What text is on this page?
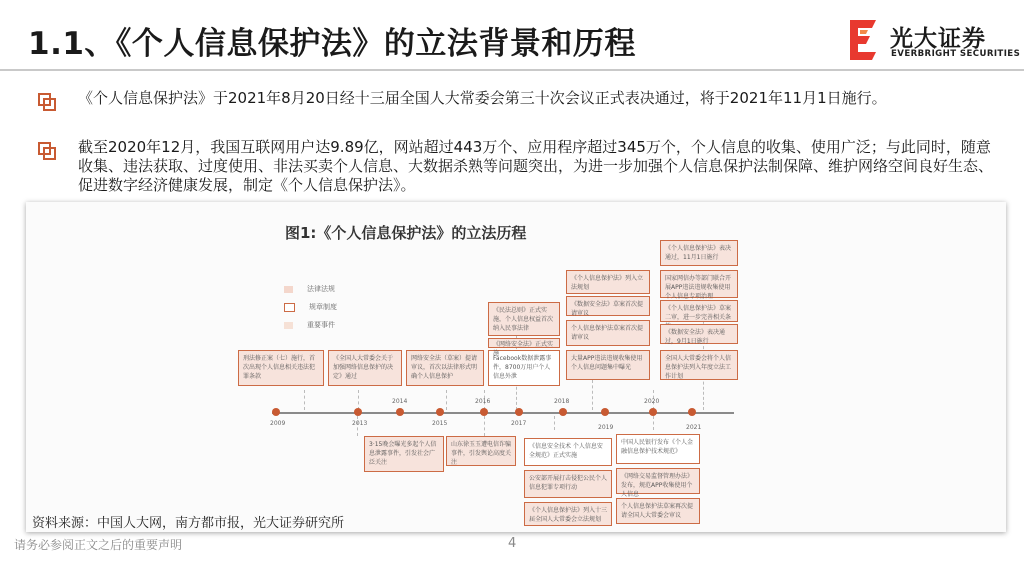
1.1、《个人信息保护法》的立法背景和历程	光大证券
EVERBRIGHT SECURITIES
《个人信息保护法》于2021年8月20日经十三届全国人大常委会第三十次会议正式表决通过，将于2021年11月1日施行。
截至2020年12月，我国互联网用户达9.89亿，网站超过443万个、应用程序超过345万个，个人信息的收集、使用广泛；与此同时，随意收集、违法获取、过度使用、非法买卖个人信息、大数据杀熟等问题突出，为进一步加强个人信息保护法制保障、维护网络空间良好生态、促进数字经济健康发展，制定《个人信息保护法》。
图1:《个人信息保护法》的立法历程
法律法规
规章制度
重要事件
2009	2013
2014
2015
2016
2017
2018
2019
2020
2021
刑法修正案（七）施行，首次出现个人信息相关违法犯罪条款
《全国人大常委会关于加强网络信息保护的决定》通过
网络安全法（草案）提请审议，首次以法律形式明确个人信息保护
Facebook数据泄露事件，8700万用户个人信息外泄
《民法总则》正式实施，个人信息权益首次纳入民事法律
《网络安全法》正式实施
《个人信息保护法》列入立法规划
《数据安全法》草案首次提请审议
个人信息保护法草案首次提请审议
大量APP违法违规收集使用个人信息问题集中曝光
《个人信息保护法》表决通过，11月1日施行
国家网信办等部门联合开展APP违法违规收集使用个人信息专项治理
《个人信息保护法》草案二审，进一步完善相关条
《数据安全法》表决通过，9月1日施行
全国人大常委会将个人信息保护法列入年度立法工作计划
3·15晚会曝光多起个人信息泄露事件，引发社会广泛关注
山东徐玉玉遭电信诈骗事件，引发舆论高度关注
《信息安全技术 个人信息安全规范》正式实施
公安部开展打击侵犯公民个人信息犯罪专项行动
《个人信息保护法》列入十三届全国人大常委会立法规划
中国人民银行发布《个人金融信息保护技术规范》
《网络交易监督管理办法》发布，规范APP收集使用个人信息
个人信息保护法草案再次提请全国人大常委会审议
资料来源：中国人大网，南方都市报，光大证券研究所
请务必参阅正文之后的重要声明	4
